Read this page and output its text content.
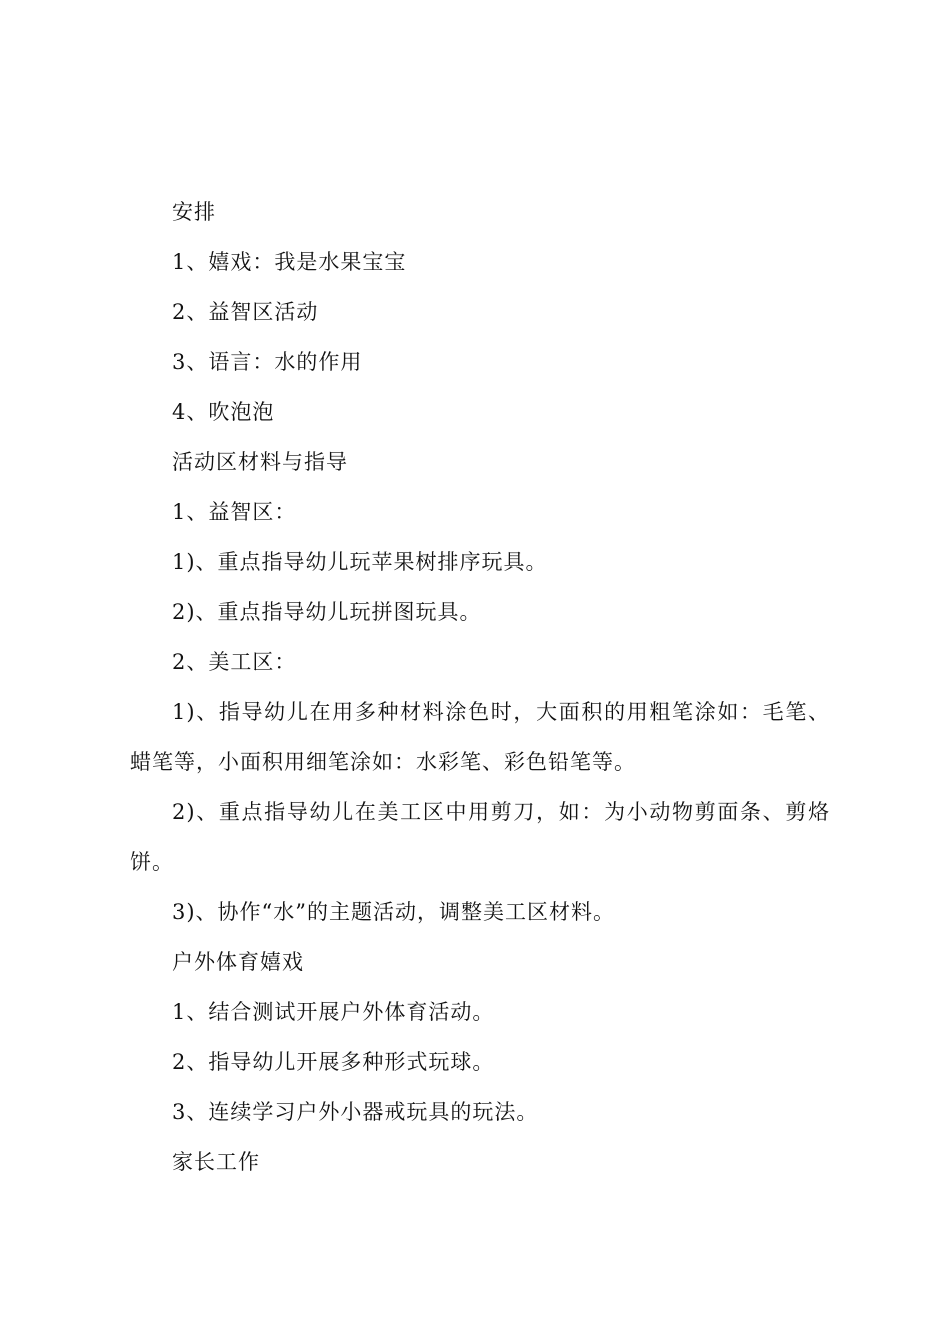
安排

1、嬉戏：我是水果宝宝

2、益智区活动

3、语言：水的作用

4、吹泡泡

活动区材料与指导

1、益智区：

1)、重点指导幼儿玩苹果树排序玩具。

2)、重点指导幼儿玩拼图玩具。

2、美工区：

1)、指导幼儿在用多种材料涂色时，大面积的用粗笔涂如：毛笔、蜡笔等，小面积用细笔涂如：水彩笔、彩色铅笔等。

2)、重点指导幼儿在美工区中用剪刀，如：为小动物剪面条、剪烙饼。

3)、协作“水”的主题活动，调整美工区材料。

户外体育嬉戏

1、结合测试开展户外体育活动。

2、指导幼儿开展多种形式玩球。

3、连续学习户外小器戒玩具的玩法。

家长工作
